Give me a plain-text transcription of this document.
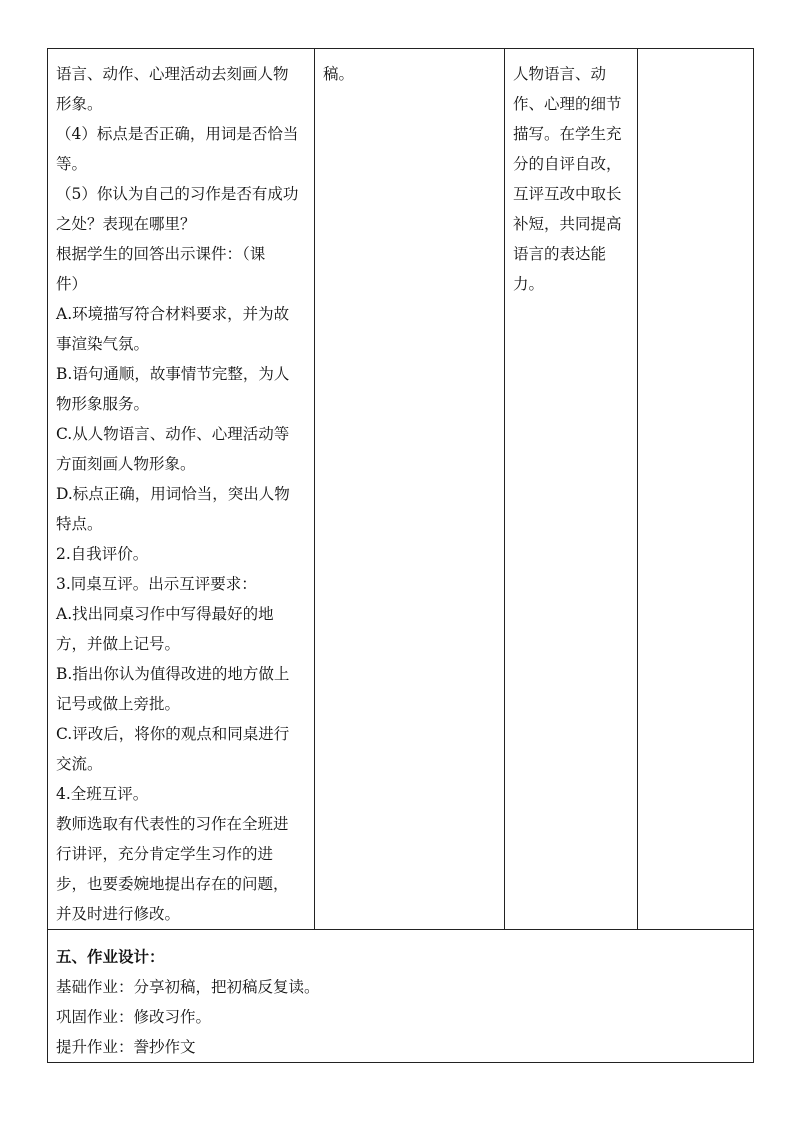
语言、动作、心理活动去刻画人物
形象。
（4）标点是否正确，用词是否恰当
等。
（5）你认为自己的习作是否有成功
之处？表现在哪里？
根据学生的回答出示课件：（课
件）
A.环境描写符合材料要求，并为故
事渲染气氛。
B.语句通顺，故事情节完整，为人
物形象服务。
C.从人物语言、动作、心理活动等
方面刻画人物形象。
D.标点正确，用词恰当，突出人物
特点。
2.自我评价。
3.同桌互评。出示互评要求：
A.找出同桌习作中写得最好的地
方，并做上记号。
B.指出你认为值得改进的地方做上
记号或做上旁批。
C.评改后，将你的观点和同桌进行
交流。
4.全班互评。
教师选取有代表性的习作在全班进
行讲评，充分肯定学生习作的进
步，也要委婉地提出存在的问题，
并及时进行修改。

稿。	人物语言、动
作、心理的细节
描写。在学生充
分的自评自改，
互评互改中取长
补短，共同提高
语言的表达能
力。

五、作业设计：
基础作业：分享初稿，把初稿反复读。
巩固作业：修改习作。
提升作业：誊抄作文
